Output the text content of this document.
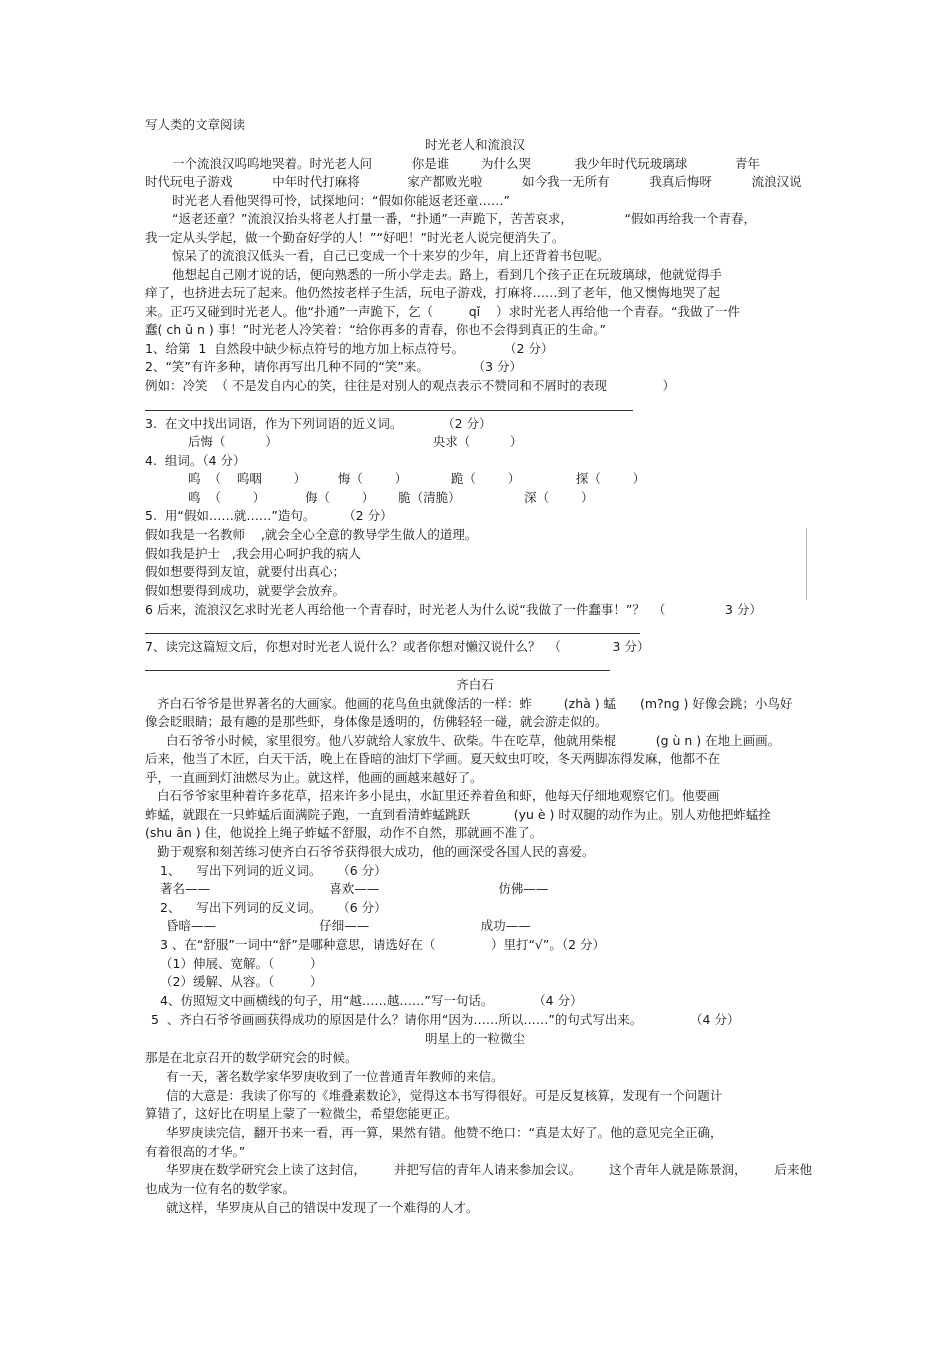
写人类的文章阅读
时光老人和流浪汉
一个流浪汉呜呜地哭着。时光老人问          你是谁        为什么哭           我少年时代玩玻璃球            青年
时代玩电子游戏          中年时代打麻将            家产都败光啦          如今我一无所有          我真后悔呀          流浪汉说
时光老人看他哭得可怜，试探地问：“假如你能返老还童……”
“返老还童？”流浪汉抬头将老人打量一番，“扑通”一声跪下，苦苦哀求，             “假如再给我一个青春，
我一定从头学起，做一个勤奋好学的人！”“好吧！”时光老人说完便消失了。
惊呆了的流浪汉低头一看，自己已变成一个十来岁的少年，肩上还背着书包呢。
他想起自己刚才说的话，便向熟悉的一所小学走去。路上，看到几个孩子正在玩玻璃球，他就觉得手
痒了，也挤进去玩了起来。他仍然按老样子生活，玩电子游戏，打麻将……到了老年，他又懊悔地哭了起
来。正巧又碰到时光老人。他“扑通”一声跪下，乞（         qǐ    ）求时光老人再给他一个青春。“我做了一件
蠢( ch ǔ n ) 事！”时光老人冷笑着：“给你再多的青春，你也不会得到真正的生命。”
1、给第  1  自然段中缺少标点符号的地方加上标点符号。          （2 分）
2、“笑”有许多种，请你再写出几种不同的“笑”来。           （3 分）
例如：冷笑  （ 不是发自内心的笑，往往是对别人的观点表示不赞同和不屑时的表现              ）
3.  在文中找出词语，作为下列词语的近义词。          （2 分）
后悔（          ）                                       央求（          ）
4.  组词。（4 分）
呜  （    呜咽        ）        悔（        ）           跪（        ）              探（        ）
鸣  （        ）          侮（        ）      脆（清脆）                深（        ）
5.  用“假如……就……”造句。       （2 分）
假如我是一名教师    ,就会全心全意的教导学生做人的道理。
假如我是护士   ,我会用心呵护我的病人
假如想要得到友谊，就要付出真心；
假如想要得到成功，就要学会放弃。
6 后来，流浪汉乞求时光老人再给他一个青春时，时光老人为什么说“我做了一件蠢事！”？  （               3 分）
7、读完这篇短文后，你想对时光老人说什么？或者你想对懒汉说什么？  （             3 分）
齐白石
齐白石爷爷是世界著名的大画家。他画的花鸟鱼虫就像活的一样：蚱        (zhà ) 蜢      (m?ng ) 好像会跳；小鸟好
像会眨眼睛；最有趣的是那些虾，身体像是透明的，仿佛轻轻一碰，就会游走似的。
白石爷爷小时候，家里很穷。他八岁就给人家放牛、砍柴。牛在吃草，他就用柴棍          (g ù n ) 在地上画画。
后来，他当了木匠，白天干活，晚上在昏暗的油灯下学画。夏天蚊虫叮咬，冬天两脚冻得发麻，他都不在
乎，一直画到灯油燃尽为止。就这样，他画的画越来越好了。
白石爷爷家里种着许多花草，招来许多小昆虫，水缸里还养着鱼和虾，他每天仔细地观察它们。他要画
蚱蜢，就跟在一只蚱蜢后面满院子跑，一直到看清蚱蜢跳跃           (yu è ) 时双腿的动作为止。别人劝他把蚱蜢拴
(shu ān ) 住，他说拴上绳子蚱蜢不舒服，动作不自然，那就画不准了。
勤于观察和刻苦练习使齐白石爷爷获得很大成功，他的画深受各国人民的喜爱。
1、    写出下列词的近义词。    （6 分）
著名——                              喜欢——                              仿佛——
2、    写出下列词的反义词。    （6 分）
昏暗——                          仔细——                            成功——
3 、在“舒服”一词中“舒”是哪种意思，请选好在（              ）里打“√”。（2 分）
（1）伸展、宽解。（         ）
（2）缓解、从容。（         ）
4、仿照短文中画横线的句子，用“越……越……”写一句话。          （4 分）
5  、齐白石爷爷画画获得成功的原因是什么？请你用“因为……所以……”的句式写出来。            （4 分）
明星上的一粒微尘
那是在北京召开的数学研究会的时候。
有一天，著名数学家华罗庚收到了一位普通青年教师的来信。
信的大意是：我读了你写的《堆叠素数论》，觉得这本书写得很好。可是反复核算，发现有一个问题计
算错了，这好比在明星上蒙了一粒微尘，希望您能更正。
华罗庚读完信，翻开书来一看，再一算，果然有错。他赞不绝口：“真是太好了。他的意见完全正确，
有着很高的才华。”
华罗庚在数学研究会上读了这封信，       并把写信的青年人请来参加会议。       这个青年人就是陈景润，       后来他
也成为一位有名的数学家。
就这样，华罗庚从自己的错误中发现了一个难得的人才。
